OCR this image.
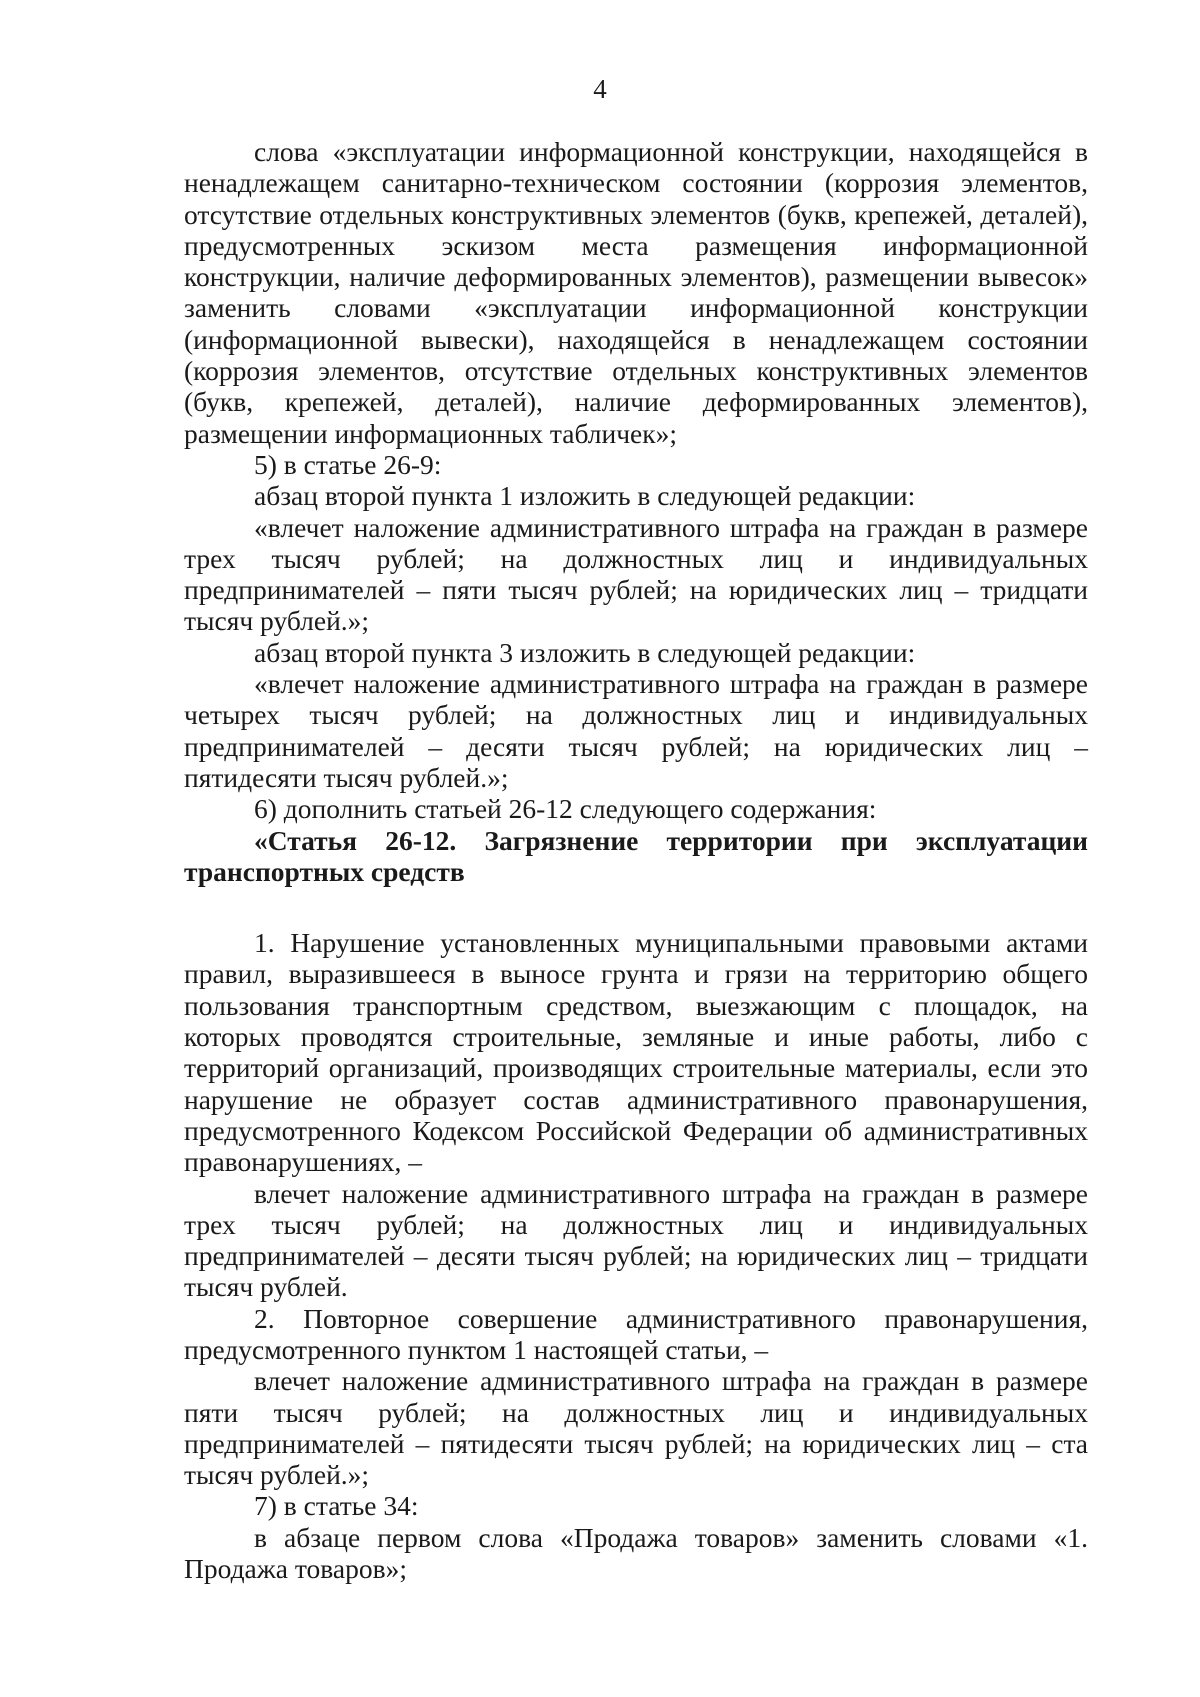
4

слова «эксплуатации информационной конструкции, находящейся в ненадлежащем санитарно-техническом состоянии (коррозия элементов, отсутствие отдельных конструктивных элементов (букв, крепежей, деталей), предусмотренных эскизом места размещения информационной конструкции, наличие деформированных элементов), размещении вывесок» заменить словами «эксплуатации информационной конструкции (информационной вывески), находящейся в ненадлежащем состоянии (коррозия элементов, отсутствие отдельных конструктивных элементов (букв, крепежей, деталей), наличие деформированных элементов), размещении информационных табличек»;

5) в статье 26-9:

абзац второй пункта 1 изложить в следующей редакции:

«влечет наложение административного штрафа на граждан в размере трех тысяч рублей; на должностных лиц и индивидуальных предпринимателей – пяти тысяч рублей; на юридических лиц – тридцати тысяч рублей.»;

абзац второй пункта 3 изложить в следующей редакции:

«влечет наложение административного штрафа на граждан в размере четырех тысяч рублей; на должностных лиц и индивидуальных предпринимателей – десяти тысяч рублей; на юридических лиц – пятидесяти тысяч рублей.»;

6) дополнить статьей 26-12 следующего содержания:

«Статья 26-12. Загрязнение территории при эксплуатации транспортных средств

1. Нарушение установленных муниципальными правовыми актами правил, выразившееся в выносе грунта и грязи на территорию общего пользования транспортным средством, выезжающим с площадок, на которых проводятся строительные, земляные и иные работы, либо с территорий организаций, производящих строительные материалы, если это нарушение не образует состав административного правонарушения, предусмотренного Кодексом Российской Федерации об административных правонарушениях, –

влечет наложение административного штрафа на граждан в размере трех тысяч рублей; на должностных лиц и индивидуальных предпринимателей – десяти тысяч рублей; на юридических лиц – тридцати тысяч рублей.

2. Повторное совершение административного правонарушения, предусмотренного пунктом 1 настоящей статьи, –

влечет наложение административного штрафа на граждан в размере пяти тысяч рублей; на должностных лиц и индивидуальных предпринимателей – пятидесяти тысяч рублей; на юридических лиц – ста тысяч рублей.»;

7) в статье 34:

в абзаце первом слова «Продажа товаров» заменить словами «1. Продажа товаров»;
